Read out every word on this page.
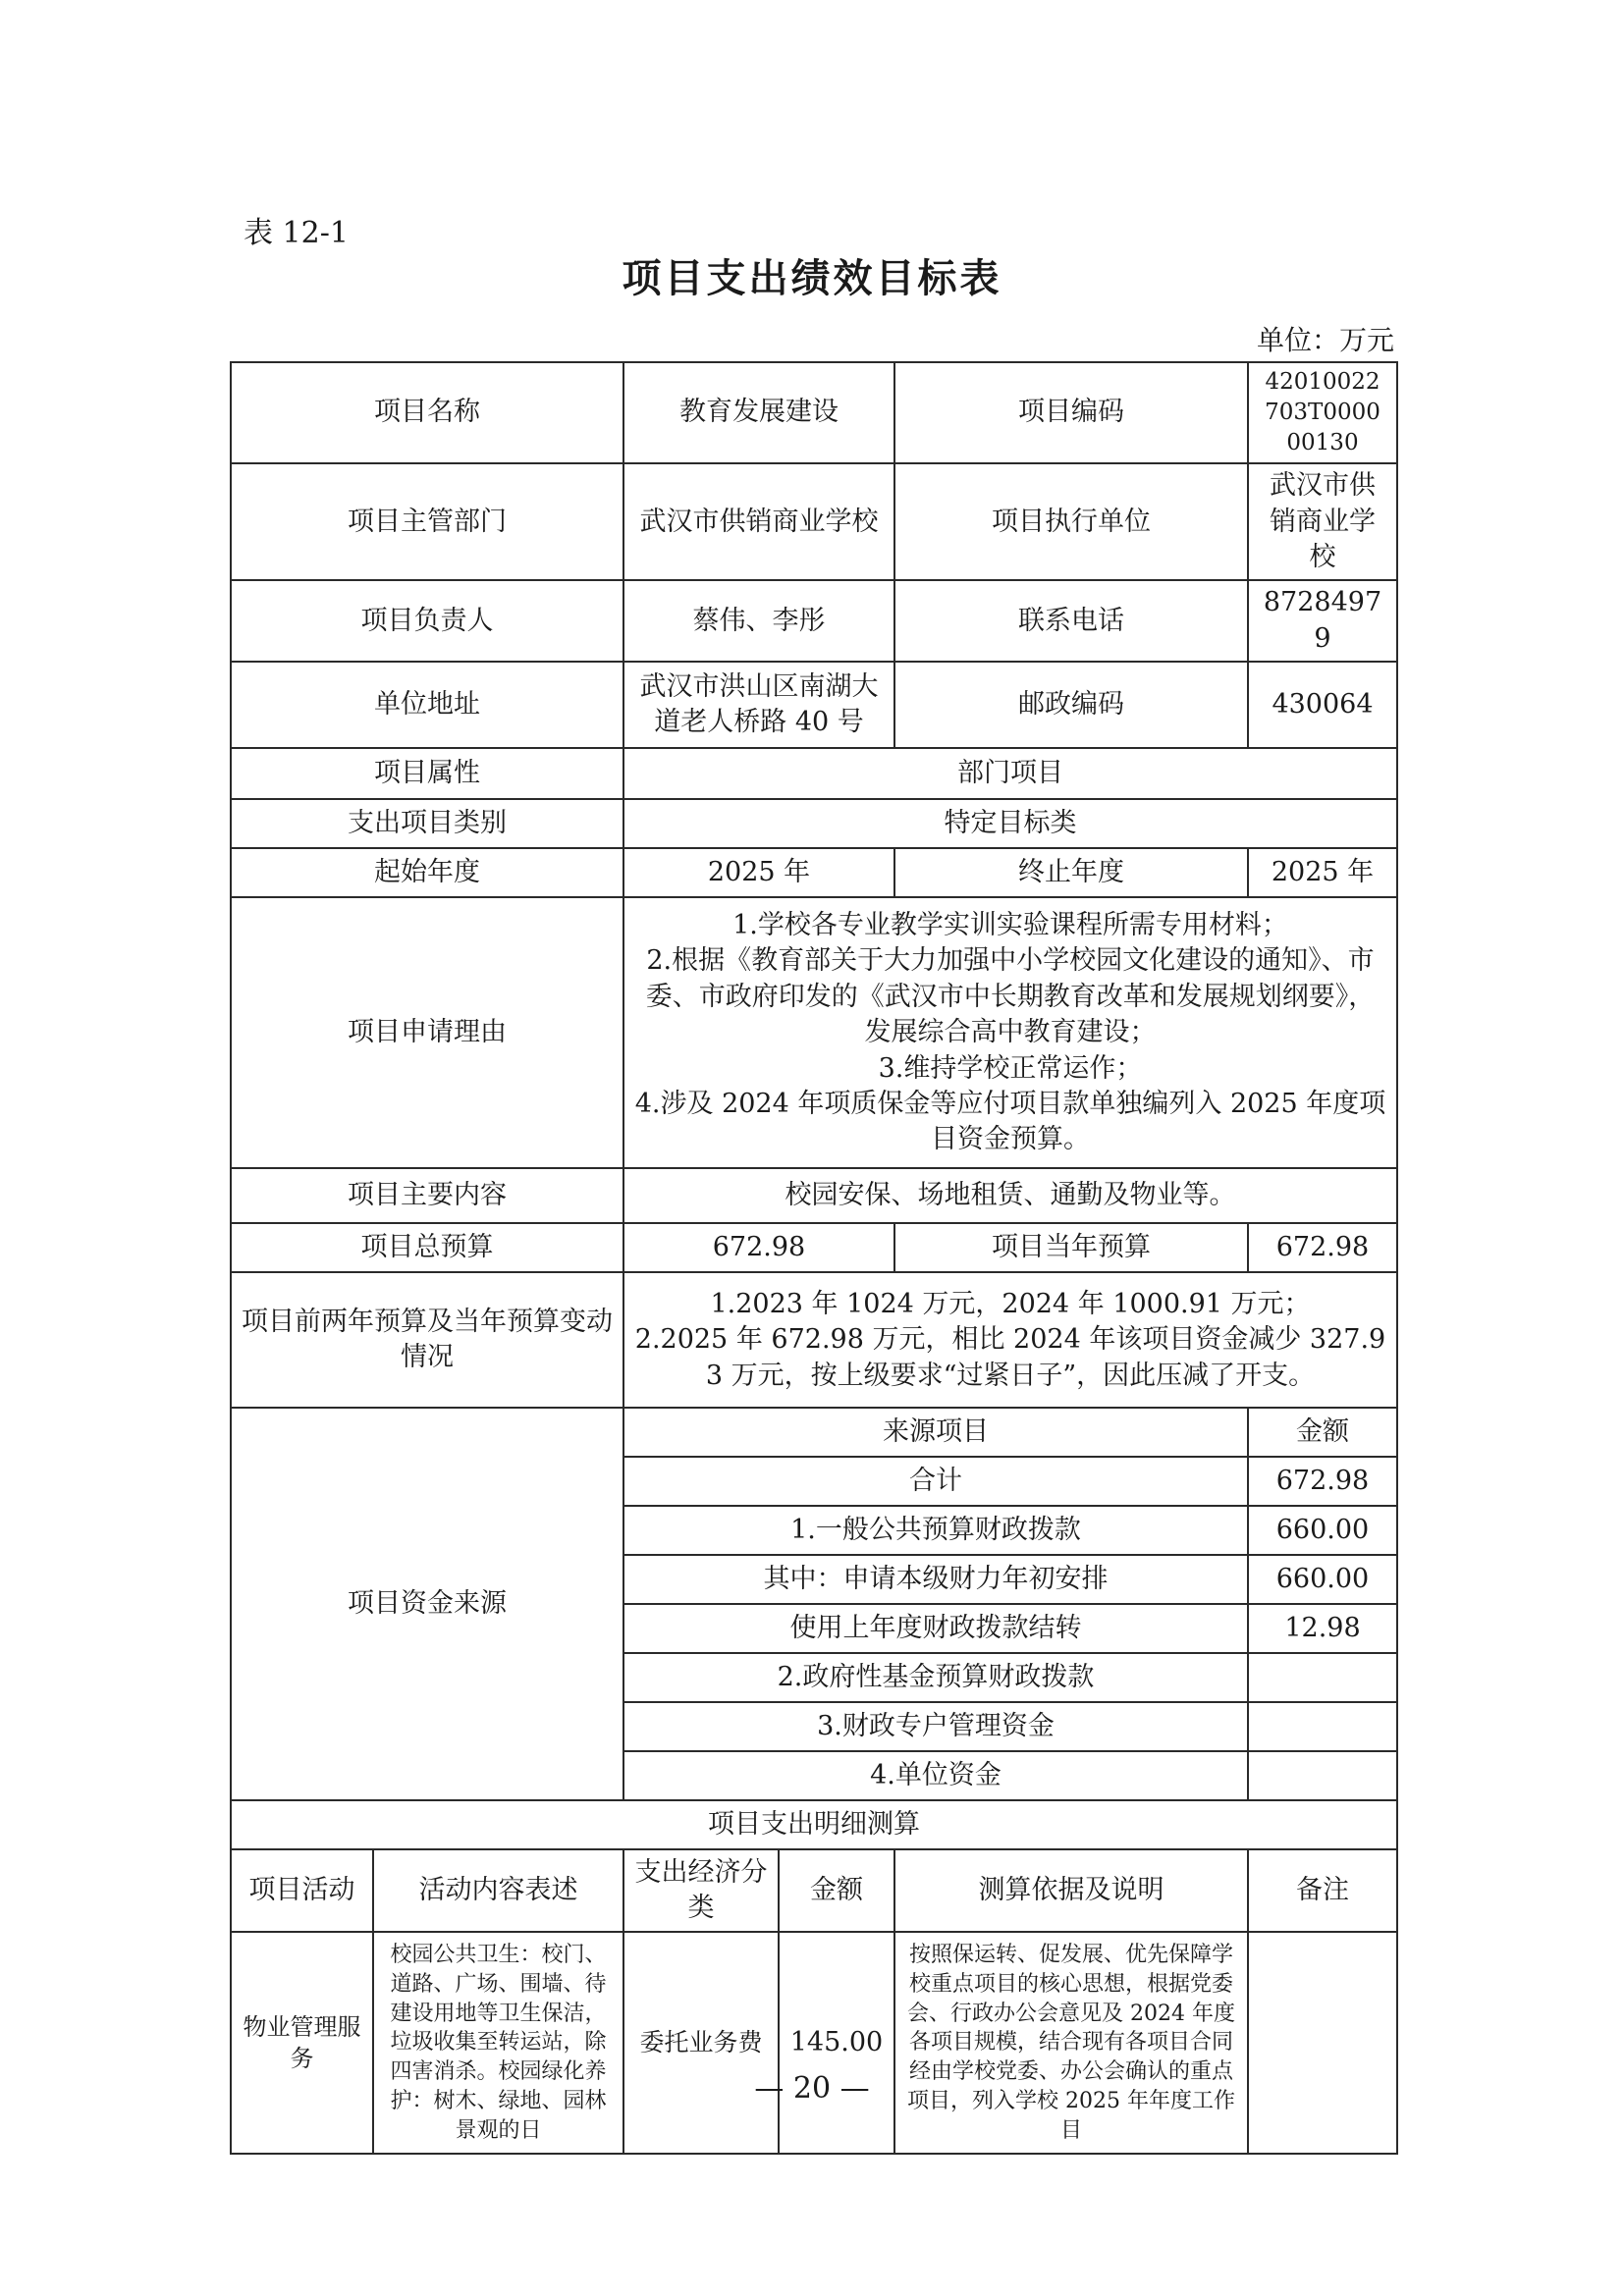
表 12-1
项目支出绩效目标表
单位：万元
项目名称		教育发展建设		项目编码	42010022703T000000130
项目主管部门		武汉市供销商业学校		项目执行单位	武汉市供销商业学校
项目负责人		蔡伟、李彤		联系电话	87284979
单位地址		武汉市洪山区南湖大道老人桥路 40 号		邮政编码	430064
项目属性		部门项目			
支出项目类别		特定目标类			
起始年度		2025 年		终止年度	2025 年
项目申请理由		1.学校各专业教学实训实验课程所需专用材料；
2.根据《教育部关于大力加强中小学校园文化建设的通知》、市委、市政府印发的《武汉市中长期教育改革和发展规划纲要》，发展综合高中教育建设；
3.维持学校正常运作；
4.涉及 2024 年项质保金等应付项目款单独编列入 2025 年度项目资金预算。			

项目主要内容		校园安保、场地租赁、通勤及物业等。			
项目总预算		672.98		项目当年预算	672.98
项目前两年预算及当年预算变动情况		1.2023 年 1024 万元，2024 年 1000.91 万元；
2.2025 年 672.98 万元，相比 2024 年该项目资金减少 327.93 万元，按上级要求“过紧日子”，因此压减了开支。			

项目资金来源		来源项目			金额
		合计			672.98
		1.一般公共预算财政拨款			660.00
		其中：申请本级财力年初安排			660.00
		使用上年度财政拨款结转			12.98
		2.政府性基金预算财政拨款			
		3.财政专户管理资金			
		4.单位资金			
项目支出明细测算					
项目活动	活动内容表述	支出经济分类	金额	测算依据及说明	备注
物业管理服务	校园公共卫生：校门、道路、广场、围墙、待建设用地等卫生保洁，垃圾收集至转运站，除四害消杀。校园绿化养护：树木、绿地、园林景观的日	委托业务费	145.00	按照保运转、促发展、优先保障学校重点项目的核心思想，根据党委会、行政办公会意见及 2024 年度各项目规模，结合现有各项目合同经由学校党委、办公会确认的重点项目，列入学校 2025 年年度工作目	
— 20 —
